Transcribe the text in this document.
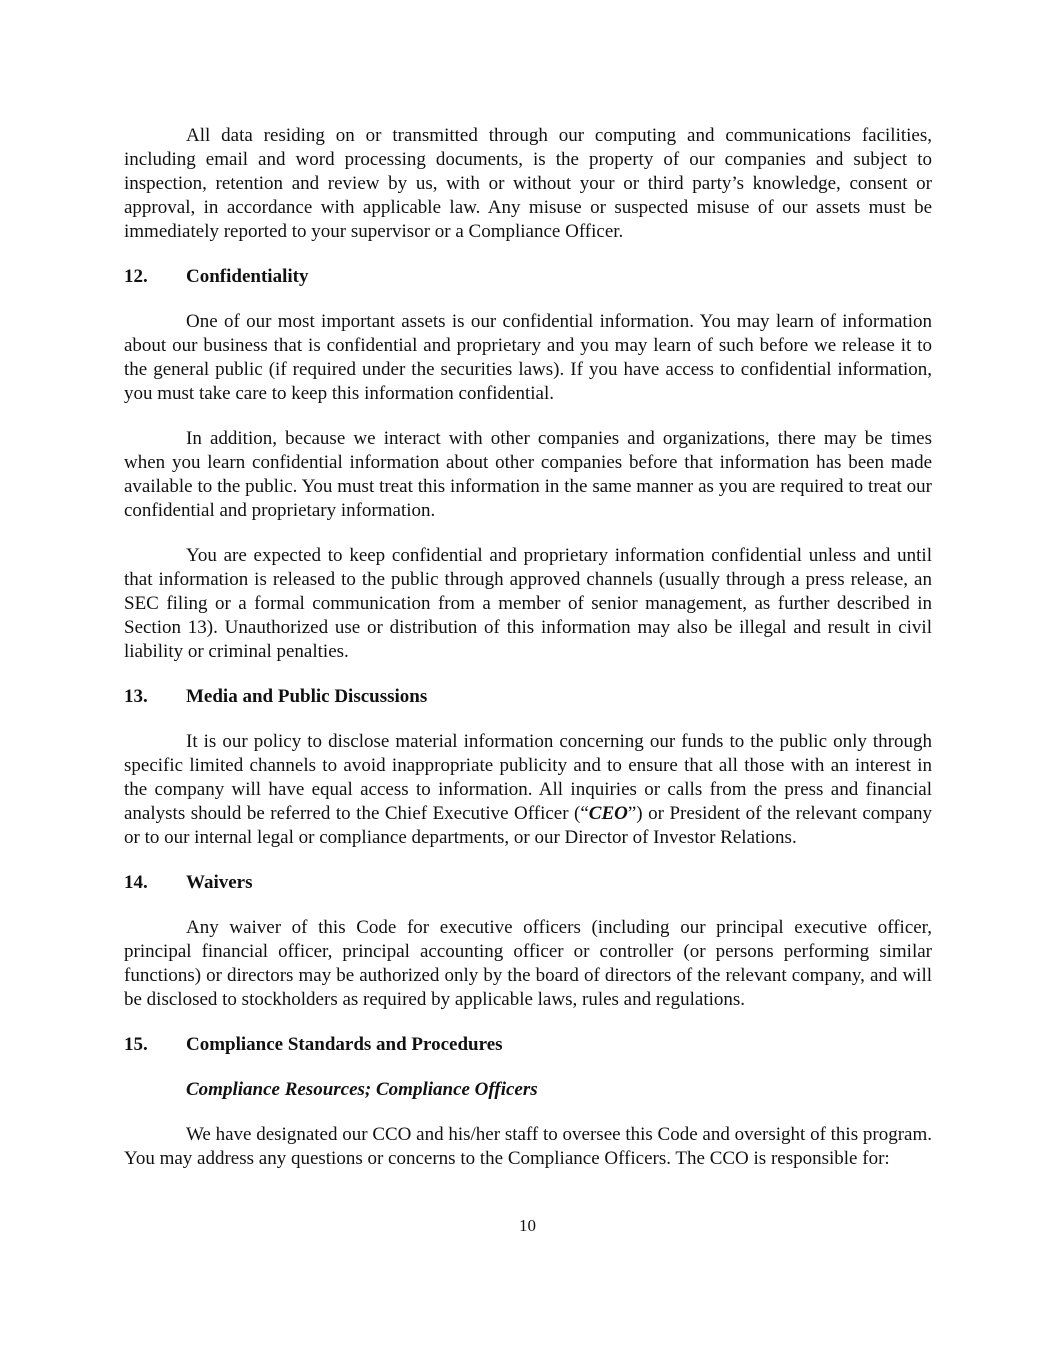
All data residing on or transmitted through our computing and communications facilities, including email and word processing documents, is the property of our companies and subject to inspection, retention and review by us, with or without your or third party’s knowledge, consent or approval, in accordance with applicable law. Any misuse or suspected misuse of our assets must be immediately reported to your supervisor or a Compliance Officer.

12.	Confidentiality

One of our most important assets is our confidential information. You may learn of information about our business that is confidential and proprietary and you may learn of such before we release it to the general public (if required under the securities laws). If you have access to confidential information, you must take care to keep this information confidential.

In addition, because we interact with other companies and organizations, there may be times when you learn confidential information about other companies before that information has been made available to the public. You must treat this information in the same manner as you are required to treat our confidential and proprietary information.

You are expected to keep confidential and proprietary information confidential unless and until that information is released to the public through approved channels (usually through a press release, an SEC filing or a formal communication from a member of senior management, as further described in Section 13). Unauthorized use or distribution of this information may also be illegal and result in civil liability or criminal penalties.

13.	Media and Public Discussions

It is our policy to disclose material information concerning our funds to the public only through specific limited channels to avoid inappropriate publicity and to ensure that all those with an interest in the company will have equal access to information. All inquiries or calls from the press and financial analysts should be referred to the Chief Executive Officer (“CEO”) or President of the relevant company or to our internal legal or compliance departments, or our Director of Investor Relations.

14.	Waivers

Any waiver of this Code for executive officers (including our principal executive officer, principal financial officer, principal accounting officer or controller (or persons performing similar functions) or directors may be authorized only by the board of directors of the relevant company, and will be disclosed to stockholders as required by applicable laws, rules and regulations.

15.	Compliance Standards and Procedures
Compliance Resources; Compliance Officers

We have designated our CCO and his/her staff to oversee this Code and oversight of this program. You may address any questions or concerns to the Compliance Officers. The CCO is responsible for:

10
